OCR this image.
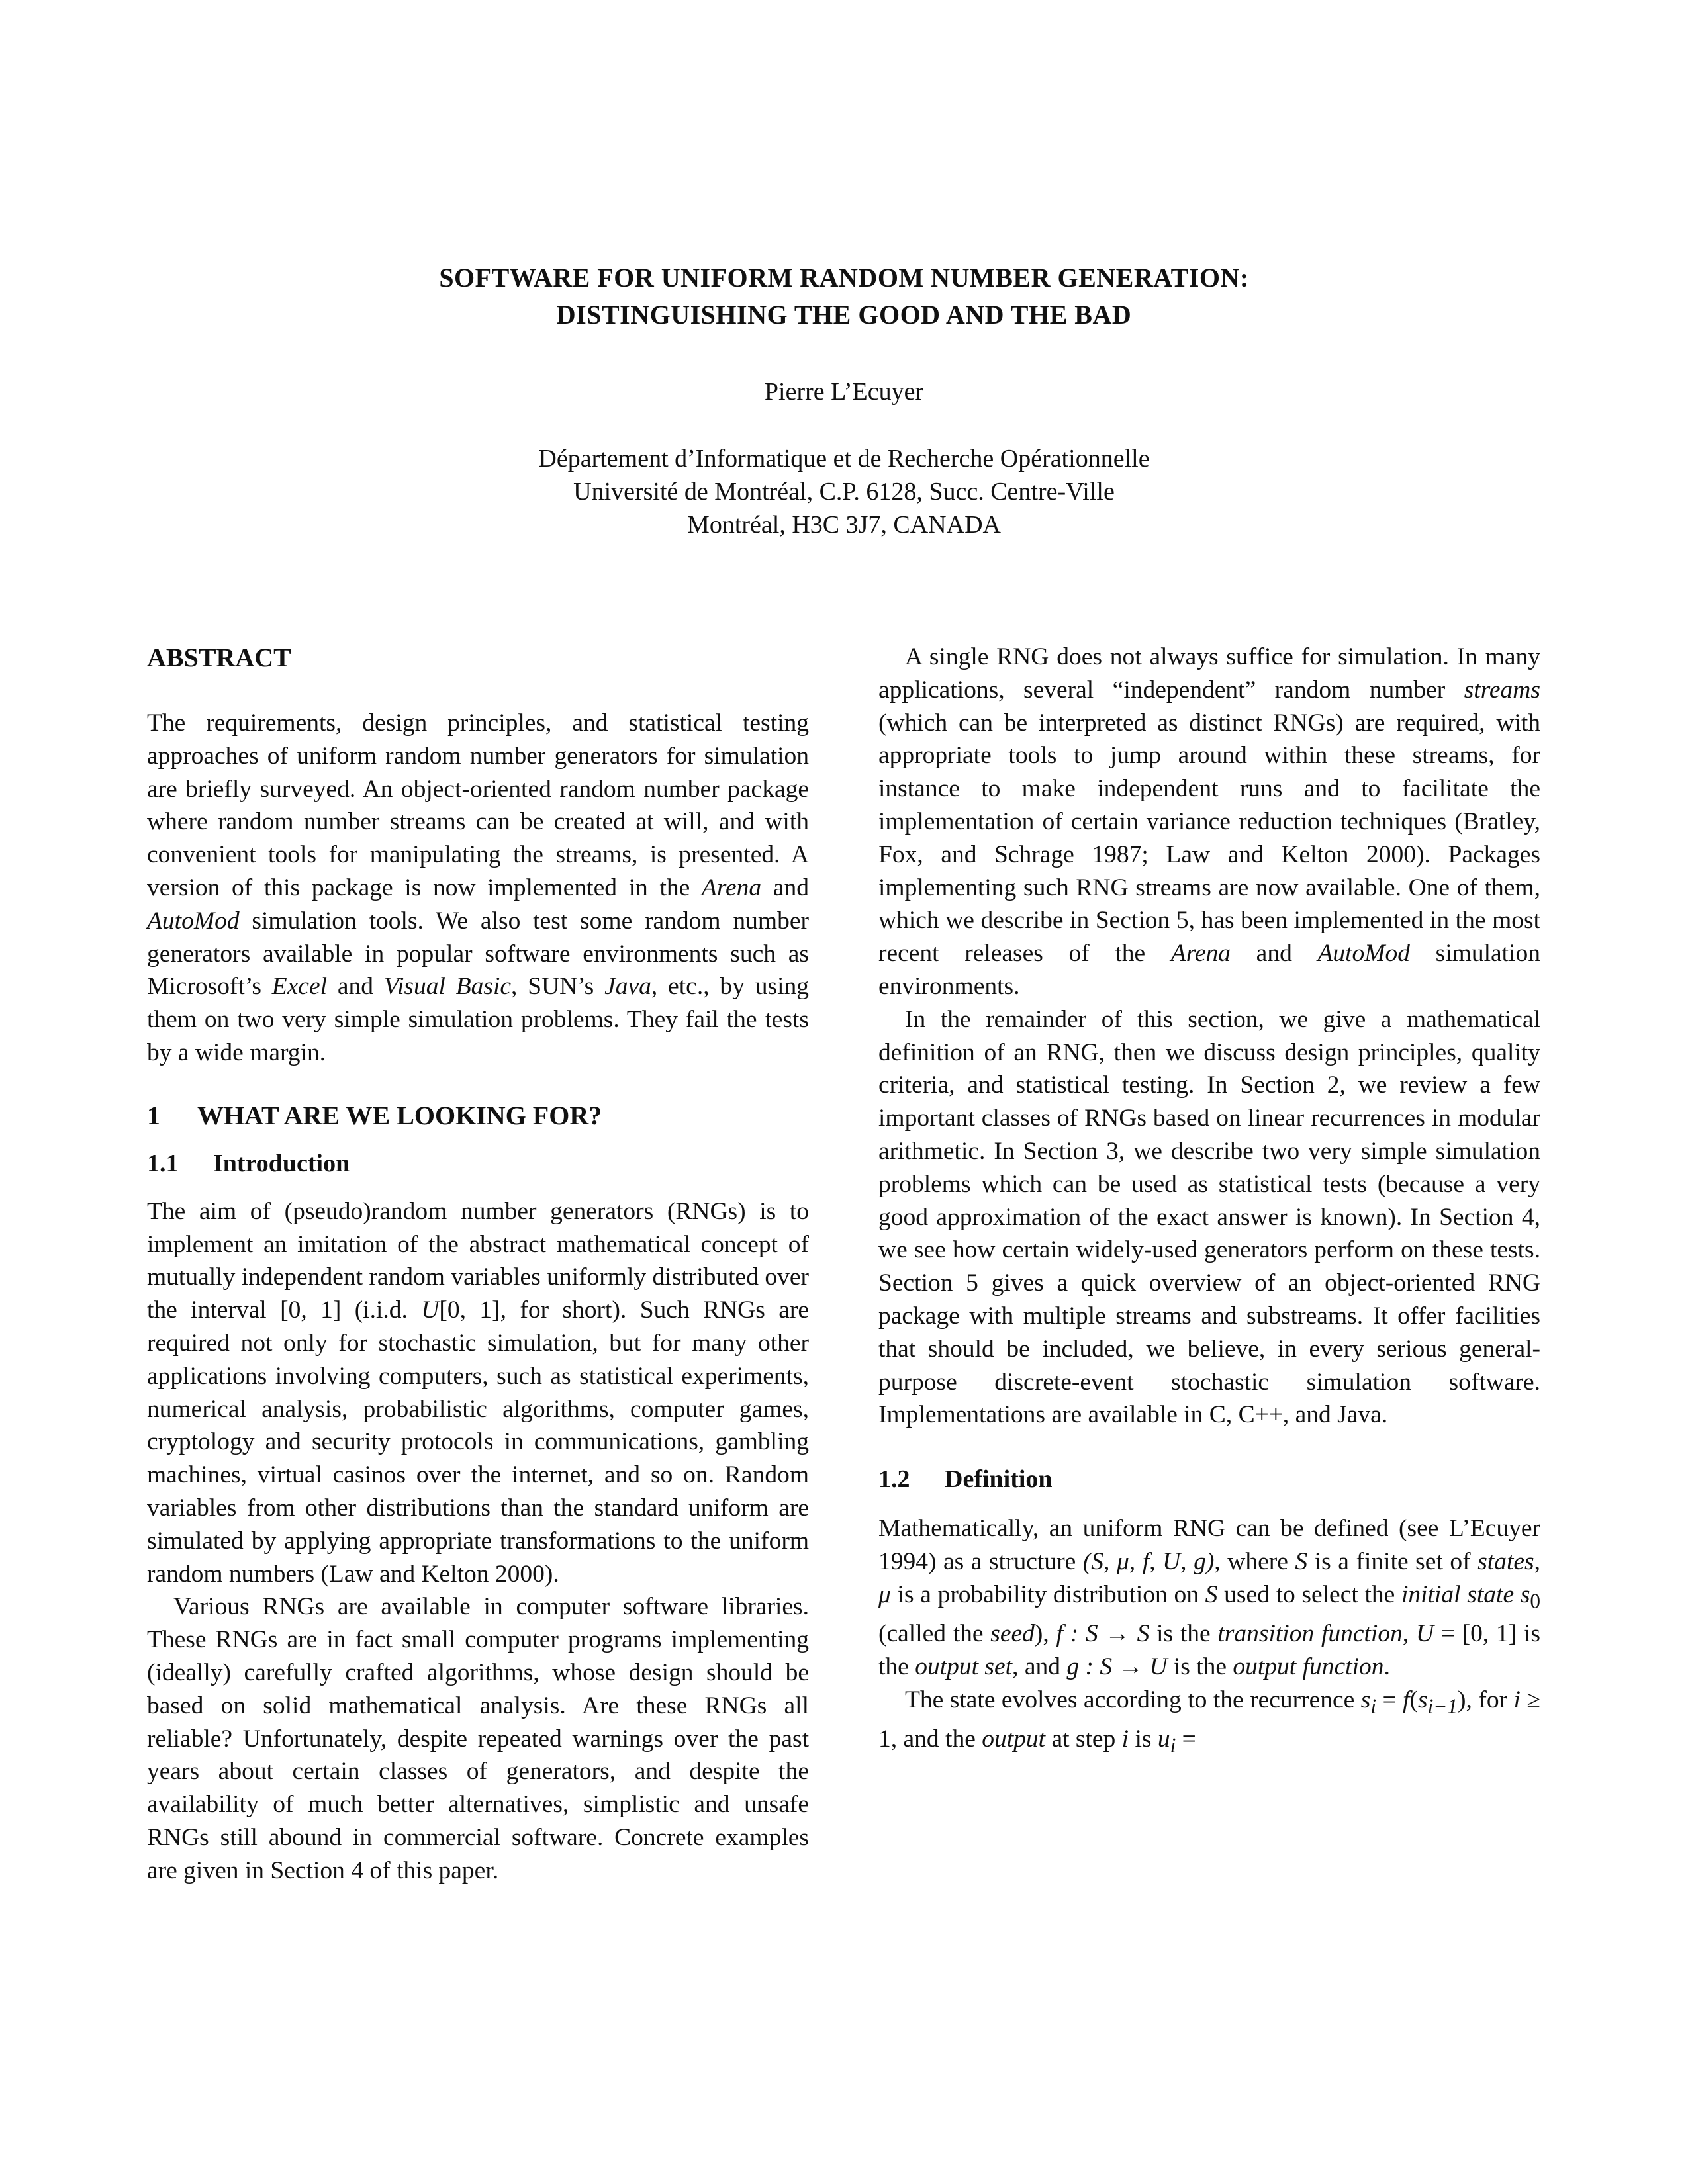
SOFTWARE FOR UNIFORM RANDOM NUMBER GENERATION:
DISTINGUISHING THE GOOD AND THE BAD
Pierre L’Ecuyer
Département d’Informatique et de Recherche Opérationnelle
Université de Montréal, C.P. 6128, Succ. Centre-Ville
Montréal, H3C 3J7, CANADA
ABSTRACT

The requirements, design principles, and statistical testing approaches of uniform random number generators for simulation are briefly surveyed. An object-oriented random number package where random number streams can be created at will, and with convenient tools for manipulating the streams, is presented. A version of this package is now implemented in the Arena and AutoMod simulation tools. We also test some random number generators available in popular software environments such as Microsoft’s Excel and Visual Basic, SUN’s Java, etc., by using them on two very simple simulation problems. They fail the tests by a wide margin.

1 WHAT ARE WE LOOKING FOR?
1.1 Introduction

The aim of (pseudo)random number generators (RNGs) is to implement an imitation of the abstract mathematical concept of mutually independent random variables uniformly distributed over the interval [0, 1] (i.i.d. U[0, 1], for short). Such RNGs are required not only for stochastic simulation, but for many other applications involving computers, such as statistical experiments, numerical analysis, probabilistic algorithms, computer games, cryptology and security protocols in communications, gambling machines, virtual casinos over the internet, and so on. Random variables from other distributions than the standard uniform are simulated by applying appropriate transformations to the uniform random numbers (Law and Kelton 2000).

Various RNGs are available in computer software libraries. These RNGs are in fact small computer programs implementing (ideally) carefully crafted algorithms, whose design should be based on solid mathematical analysis. Are these RNGs all reliable? Unfortunately, despite repeated warnings over the past years about certain classes of generators, and despite the availability of much better alternatives, simplistic and unsafe RNGs still abound in commercial software. Concrete examples are given in Section 4 of this paper.

A single RNG does not always suffice for simulation. In many applications, several “independent” random number streams (which can be interpreted as distinct RNGs) are required, with appropriate tools to jump around within these streams, for instance to make independent runs and to facilitate the implementation of certain variance reduction techniques (Bratley, Fox, and Schrage 1987; Law and Kelton 2000). Packages implementing such RNG streams are now available. One of them, which we describe in Section 5, has been implemented in the most recent releases of the Arena and AutoMod simulation environments.

In the remainder of this section, we give a mathematical definition of an RNG, then we discuss design principles, quality criteria, and statistical testing. In Section 2, we review a few important classes of RNGs based on linear recurrences in modular arithmetic. In Section 3, we describe two very simple simulation problems which can be used as statistical tests (because a very good approximation of the exact answer is known). In Section 4, we see how certain widely-used generators perform on these tests. Section 5 gives a quick overview of an object-oriented RNG package with multiple streams and substreams. It offer facilities that should be included, we believe, in every serious general-purpose discrete-event stochastic simulation software. Implementations are available in C, C++, and Java.

1.2 Definition

Mathematically, an uniform RNG can be defined (see L’Ecuyer 1994) as a structure (S, μ, f, U, g), where S is a finite set of states, μ is a probability distribution on S used to select the initial state $s_0$ (called the seed), f : S → S is the transition function, U = [0, 1] is the output set, and g : S → U is the output function.

The state evolves according to the recurrence $s_i = f(s_{i-1})$, for i ≥ 1, and the output at step i is $u_i$ =
